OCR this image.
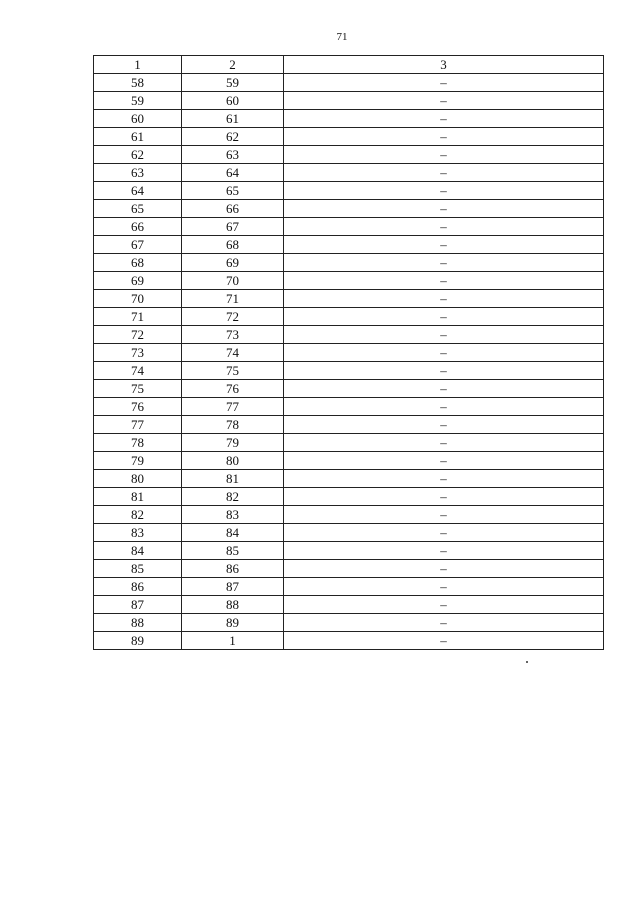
71
1	2	3
58	59	–
59	60	–
60	61	–
61	62	–
62	63	–
63	64	–
64	65	–
65	66	–
66	67	–
67	68	–
68	69	–
69	70	–
70	71	–
71	72	–
72	73	–
73	74	–
74	75	–
75	76	–
76	77	–
77	78	–
78	79	–
79	80	–
80	81	–
81	82	–
82	83	–
83	84	–
84	85	–
85	86	–
86	87	–
87	88	–
88	89	–
89	1	–
